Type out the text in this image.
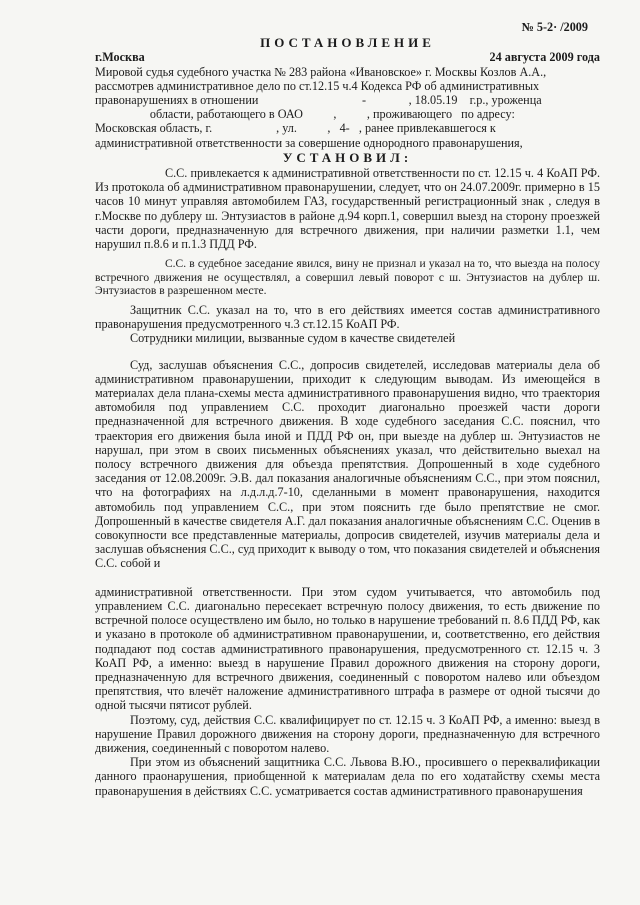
№ 5-2· /2009
ПОСТАНОВЛЕНИЕ
г.Москва	24 августа 2009 года
Мировой судья судебного участка № 283 района «Ивановское» г. Москвы Козлов А.А.,
рассмотрев административное дело по ст.12.15 ч.4 Кодекса РФ об административных
правонарушениях в отношении                                  -              , 18.05.19    г.р., уроженца
области, работающего в ОАО          ,          , проживающего   по адресу:
Московская область, г.                     , ул.          ,   4-   , ранее привлекавшегося к
административной ответственности за совершение однородного правонарушения,
УСТАНОВИЛ:

С.С. привлекается к административной ответственности по ст. 12.15 ч. 4 КоАП РФ. Из протокола об административном правонарушении, следует, что он 24.07.2009г. примерно в 15 часов 10 минут управляя автомобилем ГАЗ, государственный регистрационный знак , следуя в г.Москве по дублеру ш. Энтузиастов в районе д.94 корп.1, совершил выезд на сторону проезжей части дороги, предназначенную для встречного движения, при наличии разметки 1.1, чем нарушил п.8.6 и п.1.3 ПДД РФ.

С.С. в судебное заседание явился, вину не признал и указал на то, что выезда на полосу встречного движения не осуществлял, а совершил левый поворот с ш. Энтузиастов на дублер ш. Энтузиастов в разрешенном месте.

Защитник С.С. указал на то, что в его действиях имеется состав административного правонарушения предусмотренного ч.3 ст.12.15 КоАП РФ.

Сотрудники милиции, вызванные судом в качестве свидетелей

Суд, заслушав объяснения С.С., допросив свидетелей, исследовав материалы дела об административном правонарушении, приходит к следующим выводам. Из имеющейся в материалах дела плана-схемы места административного правонарушения видно, что траектория автомобиля под управлением С.С. проходит диагонально проезжей части дороги предназначенной для встречного движения. В ходе судебного заседания С.С. пояснил, что траектория его движения была иной и ПДД РФ он, при выезде на дублер ш. Энтузиастов не нарушал, при этом в своих письменных объяснениях указал, что действительно выехал на полосу встречного движения для объезда препятствия. Допрошенный в ходе судебного заседания от 12.08.2009г. Э.В. дал показания аналогичные объяснениям С.С., при этом пояснил, что на фотографиях на л.д.л.д.7-10, сделанными в момент правонарушения, находится автомобиль под управлением С.С., при этом пояснить где было препятствие не смог. Допрошенный в качестве свидетеля А.Г. дал показания аналогичные объяснениям С.С. Оценив в совокупности все представленные материалы, допросив свидетелей, изучив материалы дела и заслушав объяснения С.С., суд приходит к выводу о том, что показания свидетелей и объяснения С.С. собой и

административной ответственности. При этом судом учитывается, что автомобиль под управлением С.С. диагонально пересекает встречную полосу движения, то есть движение по встречной полосе осуществлено им было, но только в нарушение требований п. 8.6 ПДД РФ, как и указано в протоколе об административном правонарушении, и, соответственно, его действия подпадают под состав административного правонарушения, предусмотренного ст. 12.15 ч. 3 КоАП РФ, а именно: выезд в нарушение Правил дорожного движения на сторону дороги, предназначенную для встречного движения, соединенный с поворотом налево или объездом препятствия, что влечёт наложение административного штрафа в размере от одной тысячи до одной тысячи пятисот рублей.

Поэтому, суд, действия С.С. квалифицирует по ст. 12.15 ч. 3 КоАП РФ, а именно: выезд в нарушение Правил дорожного движения на сторону дороги, предназначенную для встречного движения, соединенный с поворотом налево.

При этом из объяснений защитника С.С. Львова В.Ю., просившего о переквалификации данного праонарушения, приобщенной к материалам дела по его ходатайству схемы места правонарушения в действиях С.С. усматривается состав административного правонарушения
